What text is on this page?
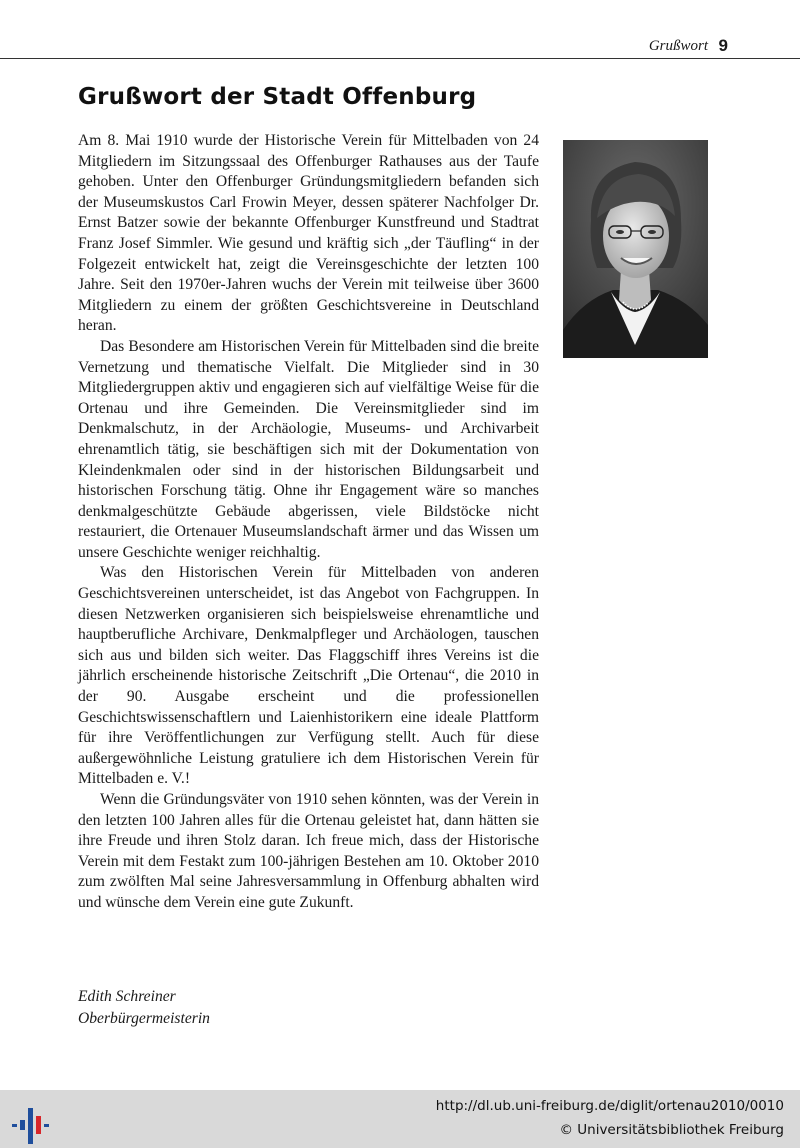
Grußwort 9
Grußwort der Stadt Offenburg

Am 8. Mai 1910 wurde der Historische Verein für Mittelbaden von 24 Mitgliedern im Sitzungssaal des Offenburger Rathauses aus der Taufe gehoben. Unter den Offenburger Gründungsmitgliedern befanden sich der Museumskustos Carl Frowin Meyer, dessen späterer Nachfolger Dr. Ernst Batzer sowie der bekannte Offenburger Kunstfreund und Stadtrat Franz Josef Simmler. Wie gesund und kräftig sich „der Täufling“ in der Folgezeit entwickelt hat, zeigt die Vereinsgeschichte der letzten 100 Jahre. Seit den 1970er-Jahren wuchs der Verein mit teilweise über 3600 Mitgliedern zu einem der größten Geschichtsvereine in Deutschland heran.

Das Besondere am Historischen Verein für Mittelbaden sind die breite Vernetzung und thematische Vielfalt. Die Mitglieder sind in 30 Mitgliedergruppen aktiv und engagieren sich auf vielfältige Weise für die Ortenau und ihre Gemeinden. Die Vereinsmitglieder sind im Denkmalschutz, in der Archäologie, Museums- und Archivarbeit ehrenamtlich tätig, sie beschäftigen sich mit der Dokumentation von Kleindenkmalen oder sind in der historischen Bildungsarbeit und historischen Forschung tätig. Ohne ihr Engagement wäre so manches denkmalgeschützte Gebäude abgerissen, viele Bildstöcke nicht restauriert, die Ortenauer Museumslandschaft ärmer und das Wissen um unsere Geschichte weniger reichhaltig.

Was den Historischen Verein für Mittelbaden von anderen Geschichtsvereinen unterscheidet, ist das Angebot von Fachgruppen. In diesen Netzwerken organisieren sich beispielsweise ehrenamtliche und hauptberufliche Archivare, Denkmalpfleger und Archäologen, tauschen sich aus und bilden sich weiter. Das Flaggschiff ihres Vereins ist die jährlich erscheinende historische Zeitschrift „Die Ortenau“, die 2010 in der 90. Ausgabe erscheint und die professionellen Geschichtswissenschaftlern und Laienhistorikern eine ideale Plattform für ihre Veröffentlichungen zur Verfügung stellt. Auch für diese außergewöhnliche Leistung gratuliere ich dem Historischen Verein für Mittelbaden e. V.!

Wenn die Gründungsväter von 1910 sehen könnten, was der Verein in den letzten 100 Jahren alles für die Ortenau geleistet hat, dann hätten sie ihre Freude und ihren Stolz daran. Ich freue mich, dass der Historische Verein mit dem Festakt zum 100-jährigen Bestehen am 10. Oktober 2010 zum zwölften Mal seine Jahresversammlung in Offenburg abhalten wird und wünsche dem Verein eine gute Zukunft.

Edith Schreiner
Oberbürgermeisterin
http://dl.ub.uni-freiburg.de/diglit/ortenau2010/0010
© Universitätsbibliothek Freiburg
